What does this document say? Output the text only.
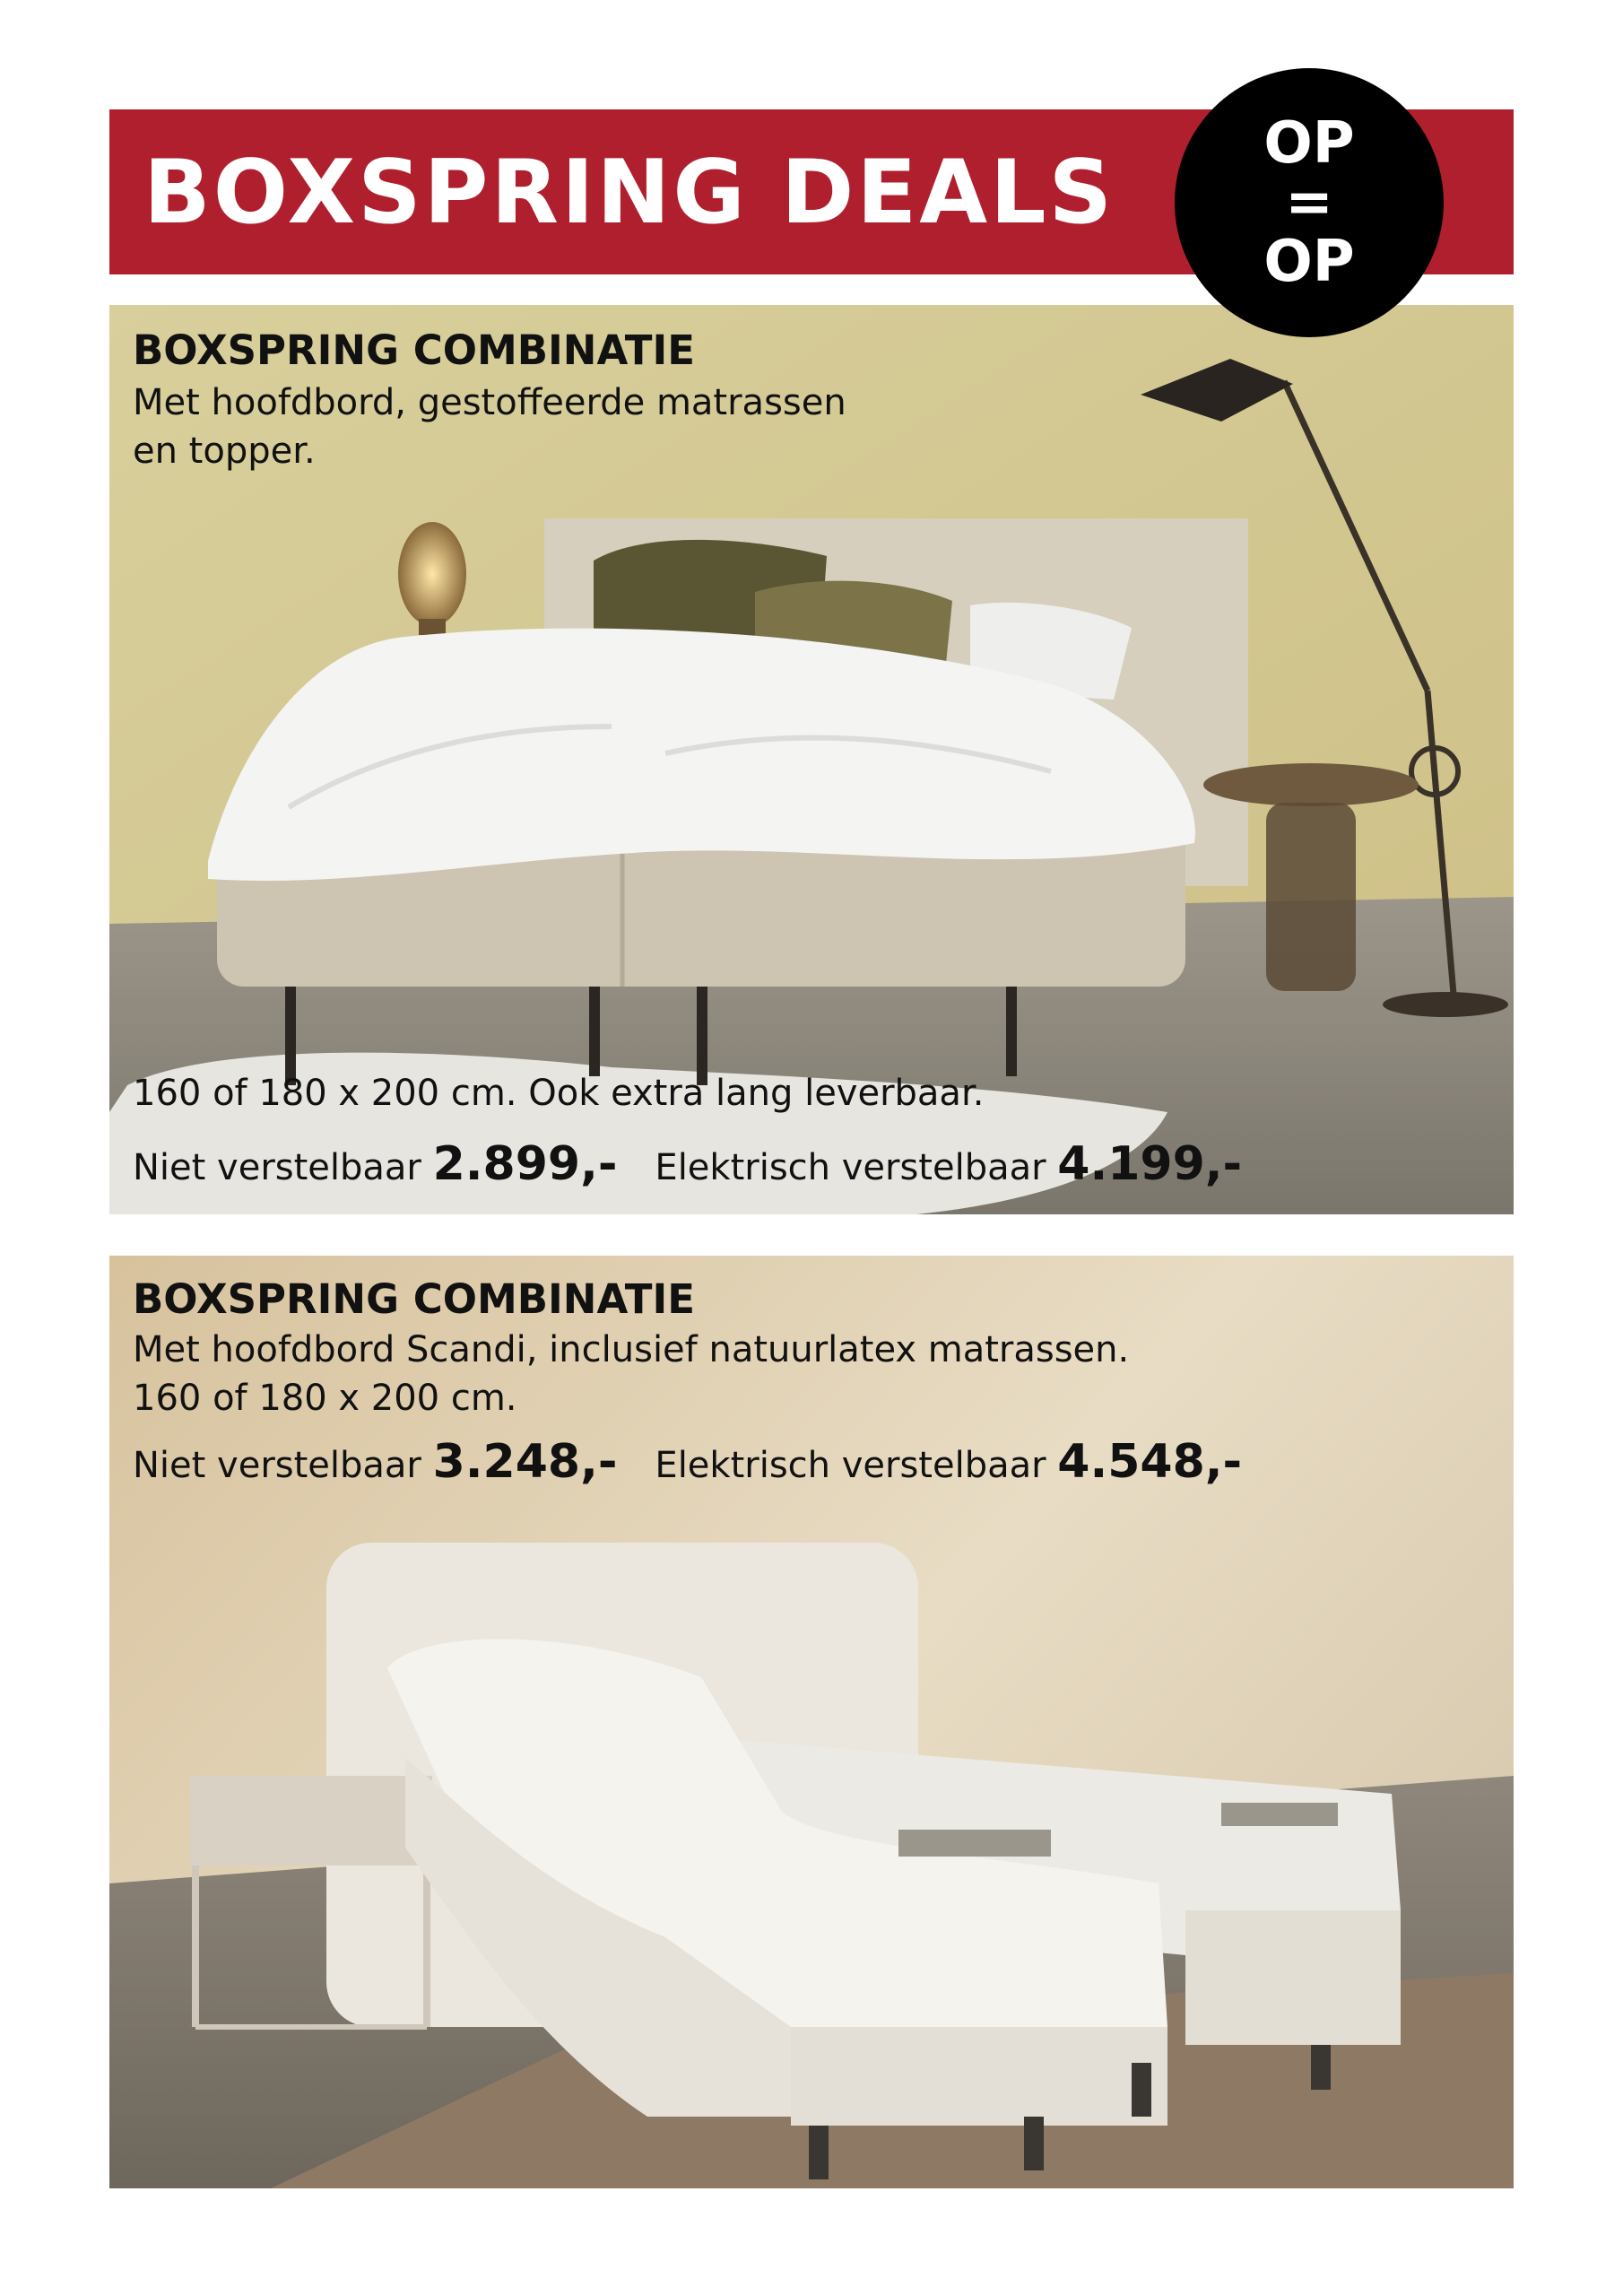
BOXSPRING DEALS	OP
=
OP

BOXSPRING COMBINATIE

Met hoofdbord, gestoffeerde matrassen

en topper.

160 of 180 x 200 cm. Ook extra lang leverbaar.

Niet verstelbaar 2.899,- Elektrisch verstelbaar 4.199,-

BOXSPRING COMBINATIE

Met hoofdbord Scandi, inclusief natuurlatex matrassen.

160 of 180 x 200 cm.

Niet verstelbaar 3.248,- Elektrisch verstelbaar 4.548,-
